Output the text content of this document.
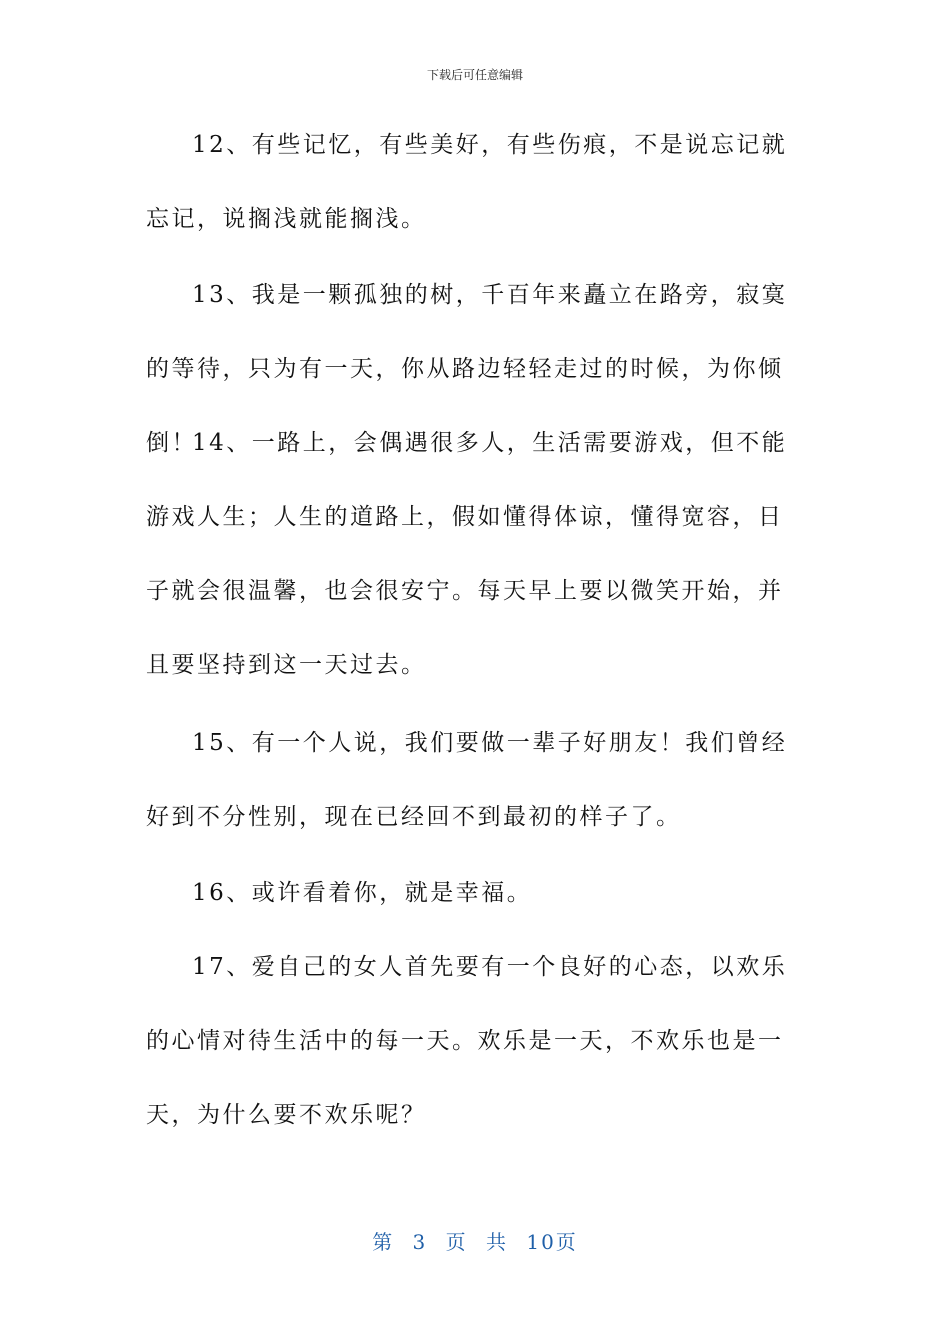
下载后可任意编辑

12、有些记忆，有些美好，有些伤痕，不是说忘记就忘记，说搁浅就能搁浅。

13、我是一颗孤独的树，千百年来矗立在路旁，寂寞的等待，只为有一天，你从路边轻轻走过的时候，为你倾倒！

14、一路上，会偶遇很多人，生活需要游戏，但不能游戏人生；人生的道路上，假如懂得体谅，懂得宽容，日子就会很温馨，也会很安宁。每天早上要以微笑开始，并且要坚持到这一天过去。

15、有一个人说，我们要做一辈子好朋友！我们曾经好到不分性别，现在已经回不到最初的样子了。

16、或许看着你，就是幸福。

17、爱自己的女人首先要有一个良好的心态，以欢乐的心情对待生活中的每一天。欢乐是一天，不欢乐也是一天，为什么要不欢乐呢？

第 3 页 共 10页
